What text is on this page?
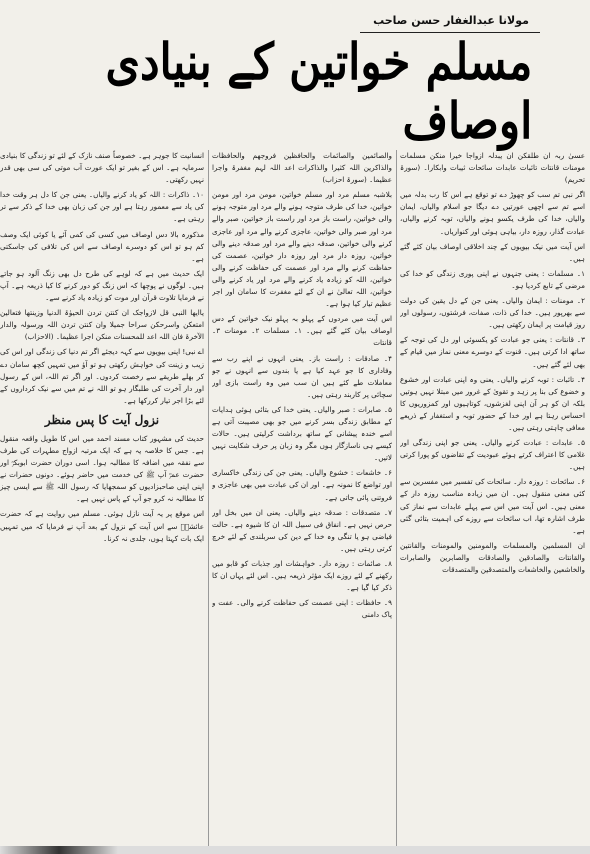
مولانا عبدالغفار حسن صاحب
مسلم خواتین کے بنیادی اوصاف

عسیٰ ربہ ان طلقکن ان یبدلہ ازواجا خیرا منکن مسلمات مومنات قانتات تائبات عابدات سائحات ثیبات وابکارا۔ (سورۃ تحریم)

اگر نبی تم سب کو چھوڑ دے تو توقع ہے اس کا رب بدلہ میں اسے تم سے اچھی عورتیں دے دیگا جو اسلام والیاں، ایمان والیاں، خدا کی طرف یکسو ہونے والیاں، توبہ کرنے والیاں، عبادت گذار، روزہ دار، بیاہی ہوئی اور کنواریاں۔

اس آیت میں نیک بیویوں کے چند اخلاقی اوصاف بیان کئے گئے ہیں۔

۱۔ مسلمات : یعنی جنہوں نے اپنی پوری زندگی کو خدا کی مرضی کے تابع کردیا ہو۔

۲۔ مومنات : ایمان والیاں۔ یعنی جن کے دل یقین کی دولت سے بھرپور ہیں۔ خدا کی ذات، صفات، فرشتوں، رسولوں اور روز قیامت پر ایمان رکھتی ہیں۔

۳۔ قانتات : یعنی جو عبادت کو یکسوئی اور دل کی توجہ کے ساتھ ادا کرتی ہیں۔ قنوت کے دوسرے معنی نماز میں قیام کے بھی لئے گئے ہیں۔

۴۔ تائبات : توبہ کرنے والیاں۔ یعنی وہ اپنی عبادت اور خشوع و خضوع کی بنا پر زہد و تقویٰ کے غرور میں مبتلا نہیں ہوتیں بلکہ ان کو ہر آن اپنی لغزشوں، کوتاہیوں اور کمزوریوں کا احساس رہتا ہے اور خدا کے حضور توبہ و استغفار کے ذریعے معافی چاہتی رہتی ہیں۔

۵۔ عابدات : عبادت کرنے والیاں۔ یعنی جو اپنی زندگی اور غلامی کا اعتراف کرتے ہوئے عبودیت کے تقاضوں کو پورا کرتی ہیں۔

۶۔ سائحات : روزہ دار۔ سائحات کی تفسیر میں مفسرین سے کئی معنی منقول ہیں۔ ان میں زیادہ مناسب روزہ دار کے معنی ہیں۔ اس آیت میں اس سے پہلے عابدات سے نماز کی طرف اشارہ تھا، اب سائحات سے روزے کی اہمیت بتائی گئی ہے۔

ان المسلمین والمسلمات والمومنین والمومنات والقانتین والقانتات والصادقین والصادقات والصابرین والصابرات والخاشعین والخاشعات والمتصدقین والمتصدقات

والصائمین والصائمات والحافظین فروجھم والحافظات والذاکرین اللہ کثیرا والذاکرات اعد اللہ لہم مغفرۃ واجرا عظیما۔ (سورۃ احزاب)

بلاشبہ مسلم مرد اور مسلم خواتین، مومن مرد اور مومن خواتین، خدا کی طرف متوجہ ہونے والے مرد اور متوجہ ہونے والی خواتین، راست باز مرد اور راست باز خواتین، صبر والے مرد اور صبر والی خواتین، عاجزی کرنے والے مرد اور عاجزی کرنے والی خواتین، صدقہ دینے والے مرد اور صدقہ دینے والی خواتین، روزہ دار مرد اور روزہ دار خواتین، عصمت کی حفاظت کرنے والے مرد اور عصمت کی حفاظت کرنے والی خواتین، اللہ کو زیادہ یاد کرنے والے مرد اور یاد کرنے والی خواتین، اللہ تعالیٰ نے ان کے لئے مغفرت کا سامان اور اجر عظیم تیار کیا ہوا ہے۔

اس آیت میں مردوں کے پہلو بہ پہلو نیک خواتین کے دس اوصاف بیان کئے گئے ہیں۔ ۱۔ مسلمات ۲۔ مومنات ۳۔ قانتات

۴۔ صادقات : راست باز۔ یعنی انہوں نے اپنے رب سے وفاداری کا جو عہد کیا ہے یا بندوں سے انہوں نے جو معاملات طے کئے ہیں ان سب میں وہ راست بازی اور سچائی پر کاربند رہتی ہیں۔

۵۔ صابرات : صبر والیاں۔ یعنی خدا کی بتائی ہوئی ہدایات کے مطابق زندگی بسر کرنے میں جو بھی مصیبت آتی ہے اسے خندہ پیشانی کے ساتھ برداشت کرلیتی ہیں۔ حالات کیسے ہی ناسازگار ہوں مگر وہ زبان پر حرف شکایت نہیں لاتیں۔

۶۔ خاشعات : خشوع والیاں۔ یعنی جن کی زندگی خاکساری اور تواضع کا نمونہ ہے۔ اور ان کی عبادت میں بھی عاجزی و فروتنی پائی جاتی ہے۔

۷۔ متصدقات : صدقہ دینے والیاں۔ یعنی ان میں بخل اور حرص نہیں ہے۔ انفاق فی سبیل اللہ ان کا شیوہ ہے۔ حالت فیاضی ہو یا تنگی وہ خدا کے دین کی سربلندی کے لئے خرچ کرتی رہتی ہیں۔

۸۔ صائمات : روزہ دار۔ خواہشات اور جذبات کو قابو میں رکھنے کے لئے روزے ایک مؤثر ذریعہ ہیں۔ اس لئے یہاں ان کا ذکر کیا گیا ہے۔

۹۔ حافظات : اپنی عصمت کی حفاظت کرنے والی۔ عفت و پاک دامنی

انسانیت کا جوہر ہے۔ خصوصاً صنف نازک کے لئے تو زندگی کا بنیادی سرمایہ ہے۔ اس کے بغیر تو ایک عورت آب موتی کی سی بھی قدر نہیں رکھتی۔

۱۰۔ ذاکرات : اللہ کو یاد کرنے والیاں۔ یعنی جن کا دل ہر وقت خدا کی یاد سے معمور رہتا ہے اور جن کی زبان بھی خدا کے ذکر سے تر رہتی ہے۔

مذکورہ بالا دس اوصاف میں کسی کی کمی آئے یا کوئی ایک وصف کم ہو تو اس کو دوسرے اوصاف سے اس کی تلافی کی جاسکتی ہے۔

ایک حدیث میں ہے کہ لوہے کی طرح دل بھی زنگ آلود ہو جاتے ہیں۔ لوگوں نے پوچھا کہ اس زنگ کو دور کرنے کا کیا ذریعہ ہے۔ آپ نے فرمایا تلاوت قرآن اور موت کو زیادہ یاد کرنے سے۔

یاایھا النبی قل لازواجک ان کنتن تردن الحیوٰۃ الدنیا وزینتھا فتعالین امتعکن واسرحکن سراحا جمیلا وان کنتن تردن اللہ ورسولہ والدار الآخرۃ فان اللہ اعد للمحسنات منکن اجرا عظیما۔ (الاحزاب)

اے نبی! اپنی بیویوں سے کہہ دیجئے اگر تم دنیا کی زندگی اور اس کی زیب و زینت کی خواہش رکھتی ہو تو آؤ میں تمہیں کچھ سامان دے کر بھلے طریقے سے رخصت کردوں۔ اور اگر تم اللہ، اس کے رسول اور دار آخرت کی طلبگار ہو تو اللہ نے تم میں سے نیک کرداروں کے لئے بڑا اجر تیار کررکھا ہے۔

نزول آیت کا پس منظر

حدیث کی مشہور کتاب مسند احمد میں اس کا طویل واقعہ منقول ہے۔ جس کا خلاصہ یہ ہے کہ ایک مرتبہ ازواج مطہرات کی طرف سے نفقہ میں اضافہ کا مطالبہ ہوا۔ اسی دوران حضرت ابوبکرؓ اور حضرت عمرؓ آپ ﷺ کی خدمت میں حاضر ہوئے۔ دونوں حضرات نے اپنی اپنی صاحبزادیوں کو سمجھایا کہ رسول اللہ ﷺ سے ایسی چیز کا مطالبہ نہ کرو جو آپ کے پاس نہیں ہے۔

اس موقع پر یہ آیت نازل ہوئی۔ مسلم میں روایت ہے کہ حضرت عائشہؓ سے اس آیت کے نزول کے بعد آپ نے فرمایا کہ میں تمہیں ایک بات کہتا ہوں، جلدی نہ کرنا۔
